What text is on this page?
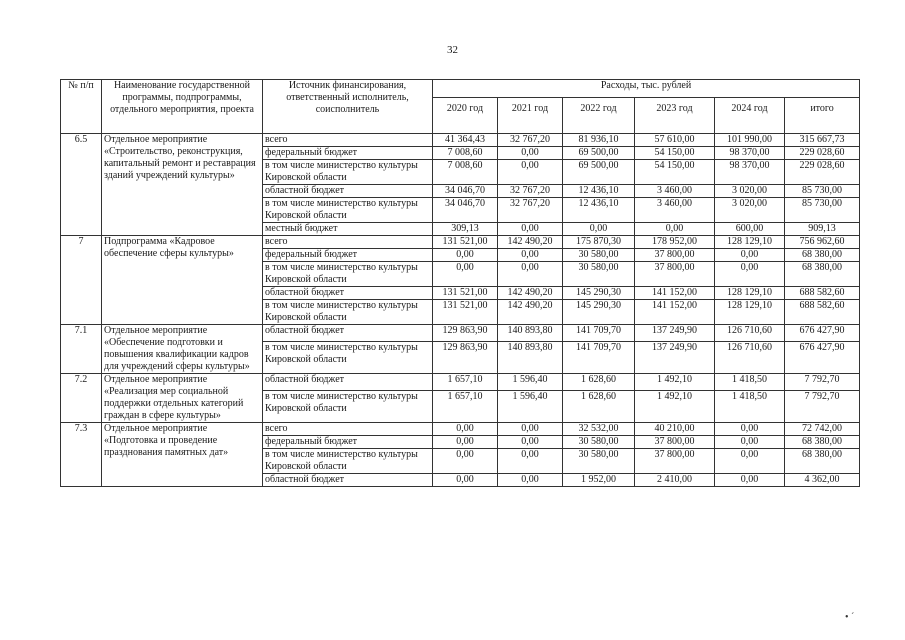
32
№ п/п	Наименование государственной программы, подпрограммы, отдельного мероприятия, проекта	Источник финансирования, ответственный исполнитель, соисполнитель	Расходы, тыс. рублей					
			2020 год	2021 год	2022 год	2023 год	2024 год	итого
6.5	Отдельное мероприятие «Строительство, реконструкция, капитальный ремонт и реставрация зданий учреждений культуры»	всего	41 364,43	32 767,20	81 936,10	57 610,00	101 990,00	315 667,73
		федеральный бюджет	7 008,60	0,00	69 500,00	54 150,00	98 370,00	229 028,60
		в том числе министерство культуры Кировской области	7 008,60	0,00	69 500,00	54 150,00	98 370,00	229 028,60
		областной бюджет	34 046,70	32 767,20	12 436,10	3 460,00	3 020,00	85 730,00
		в том числе министерство культуры Кировской области	34 046,70	32 767,20	12 436,10	3 460,00	3 020,00	85 730,00
		местный бюджет	309,13	0,00	0,00	0,00	600,00	909,13
7	Подпрограмма «Кадровое обеспечение сферы культуры»	всего	131 521,00	142 490,20	175 870,30	178 952,00	128 129,10	756 962,60
		федеральный бюджет	0,00	0,00	30 580,00	37 800,00	0,00	68 380,00
		в том числе министерство культуры Кировской области	0,00	0,00	30 580,00	37 800,00	0,00	68 380,00
		областной бюджет	131 521,00	142 490,20	145 290,30	141 152,00	128 129,10	688 582,60
		в том числе министерство культуры Кировской области	131 521,00	142 490,20	145 290,30	141 152,00	128 129,10	688 582,60
7.1	Отдельное мероприятие «Обеспечение подготовки и повышения квалификации кадров для учреждений сферы культуры»	областной бюджет	129 863,90	140 893,80	141 709,70	137 249,90	126 710,60	676 427,90
		в том числе министерство культуры Кировской области	129 863,90	140 893,80	141 709,70	137 249,90	126 710,60	676 427,90
7.2	Отдельное мероприятие «Реализация мер социальной поддержки отдельных категорий граждан в сфере культуры»	областной бюджет	1 657,10	1 596,40	1 628,60	1 492,10	1 418,50	7 792,70
		в том числе министерство культуры Кировской области	1 657,10	1 596,40	1 628,60	1 492,10	1 418,50	7 792,70
7.3	Отдельное мероприятие «Подготовка и проведение празднования памятных дат»	всего	0,00	0,00	32 532,00	40 210,00	0,00	72 742,00
		федеральный бюджет	0,00	0,00	30 580,00	37 800,00	0,00	68 380,00
		в том числе министерство культуры Кировской области	0,00	0,00	30 580,00	37 800,00	0,00	68 380,00
		областной бюджет	0,00	0,00	1 952,00	2 410,00	0,00	4 362,00
• ´
